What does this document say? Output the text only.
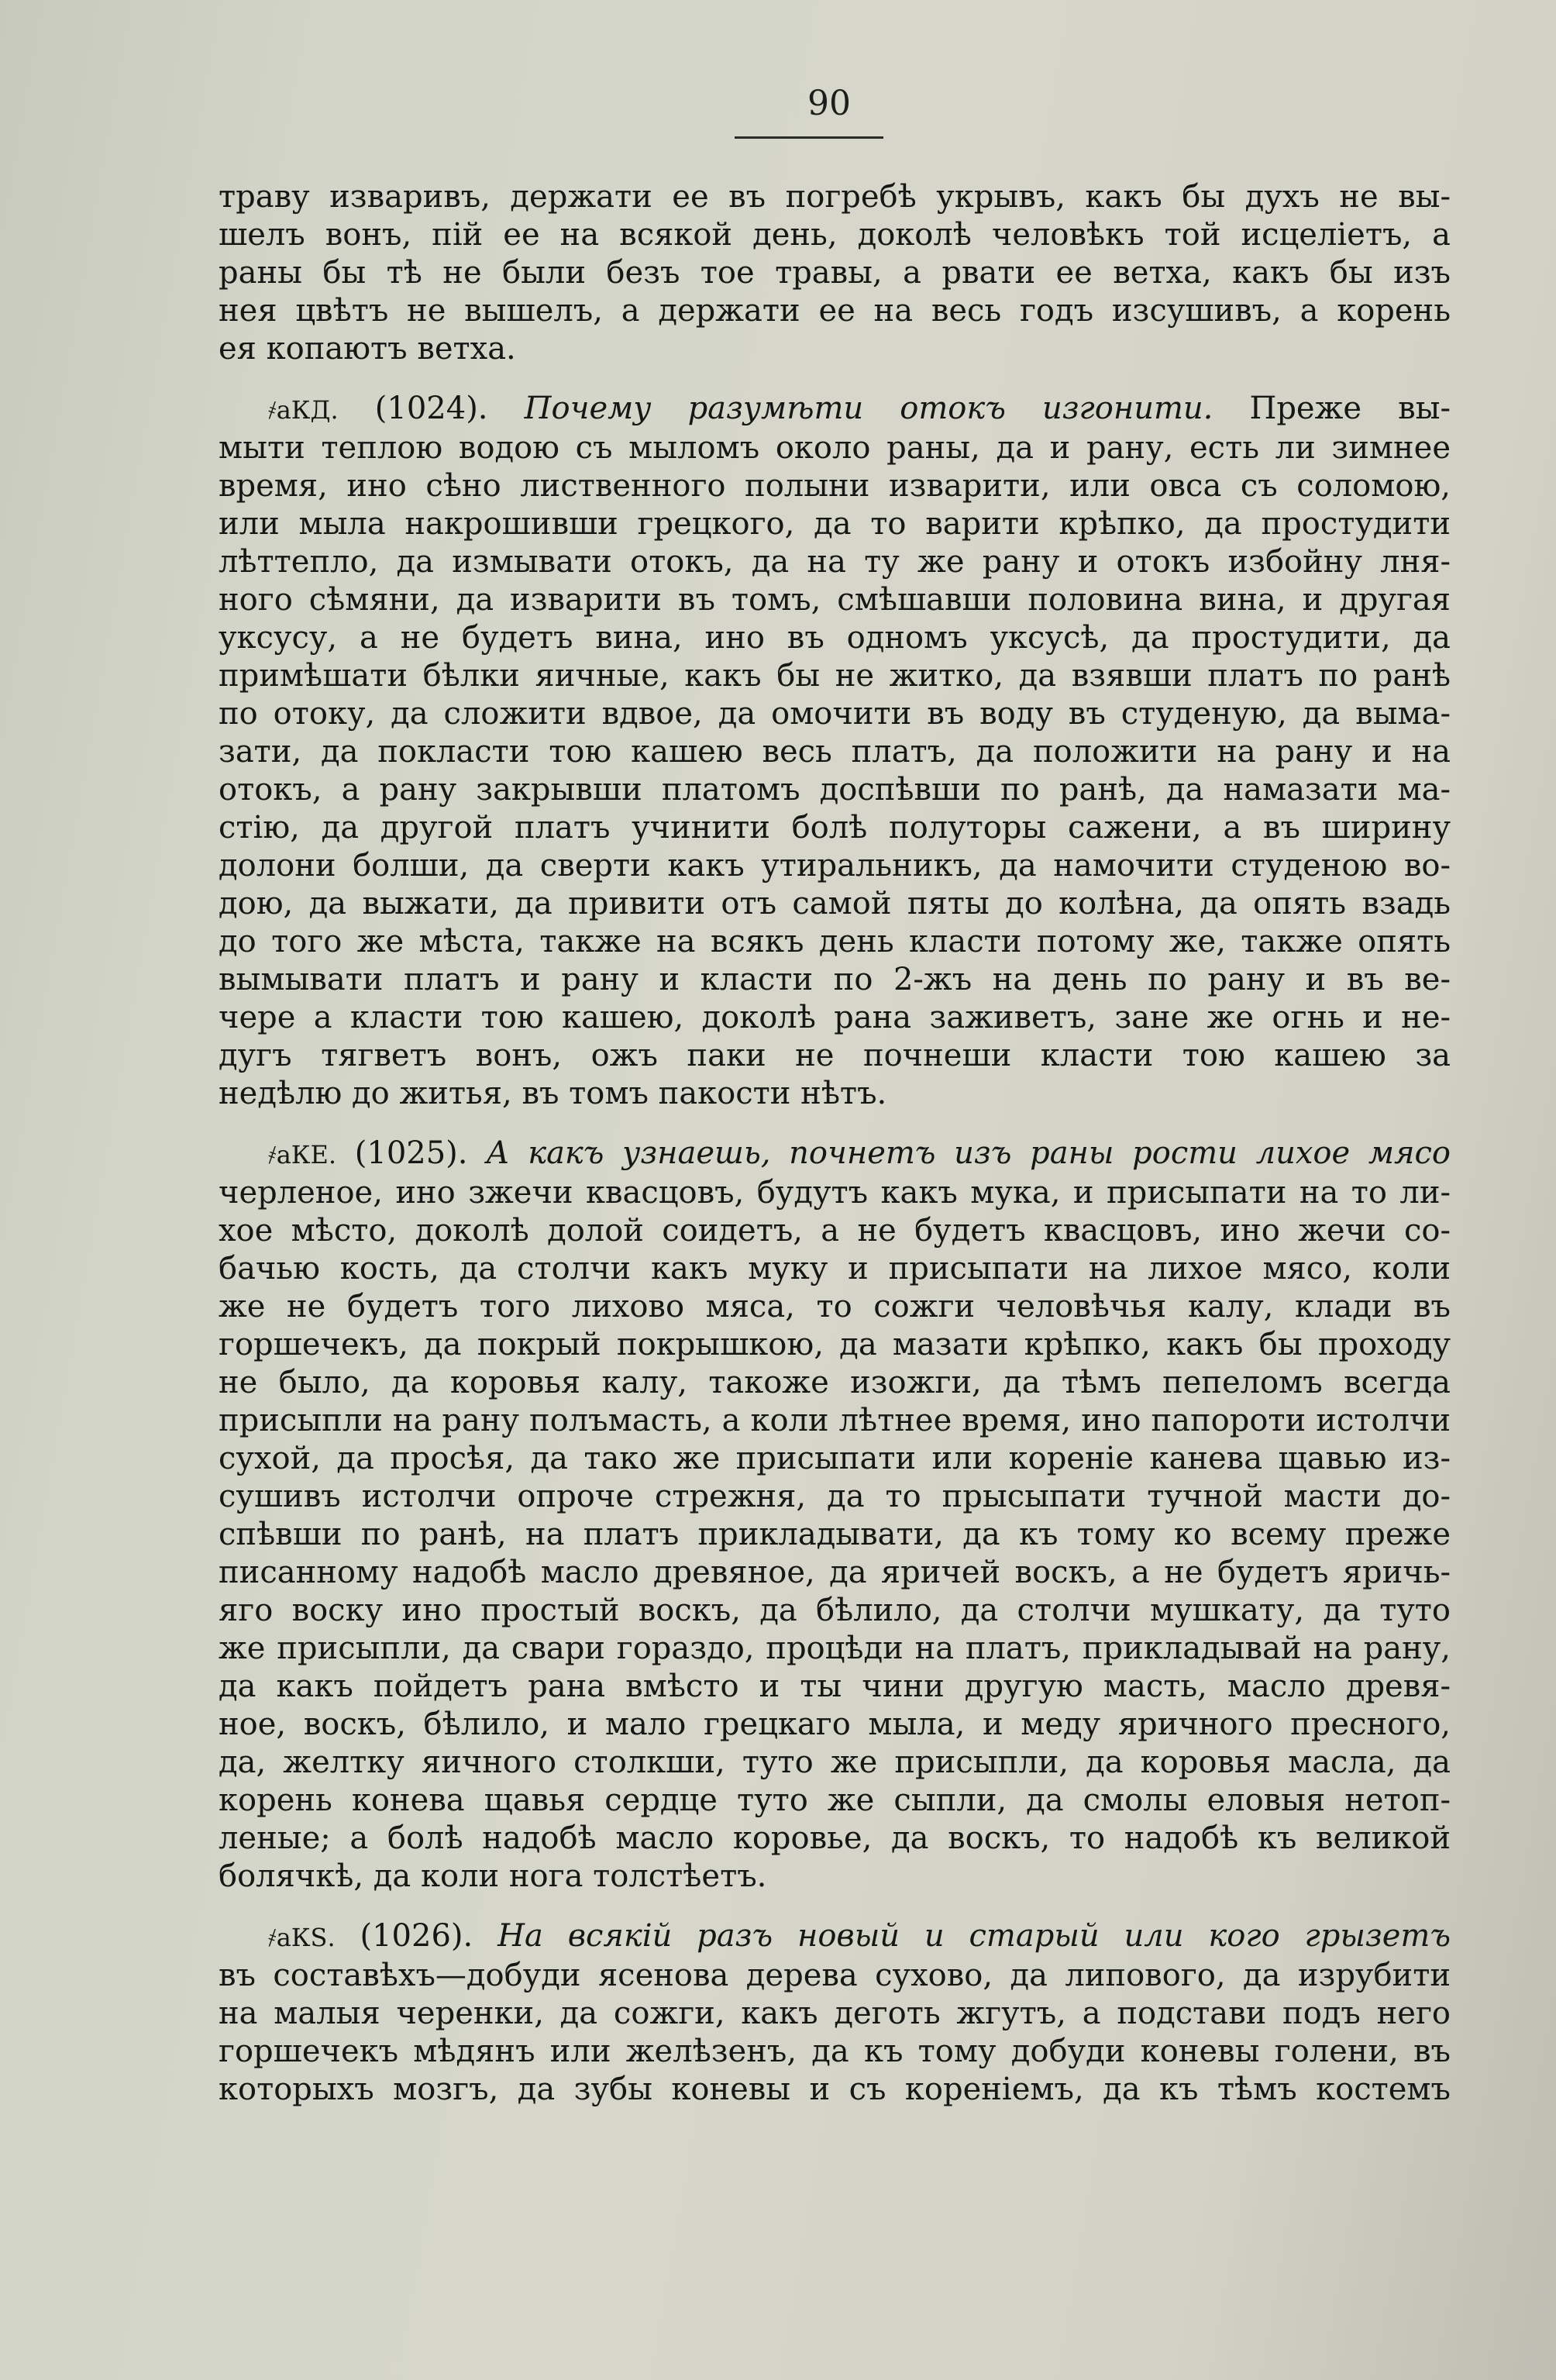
90
траву изваривъ, держати ее въ погребѣ укрывъ, какъ бы духъ не вы-
шелъ вонъ, пій ее на всякой день, доколѣ человѣкъ той исцеліетъ, а
раны бы тѣ не были безъ тое травы, а рвати ее ветха, какъ бы изъ
нея цвѣтъ не вышелъ, а держати ее на весь годъ изсушивъ, а корень
ея копаютъ ветха.
҂аКД. (1024). Почему разумѣти отокъ изгонити. Преже вы-
мыти теплою водою съ мыломъ около раны, да и рану, есть ли зимнее
время, ино сѣно лиственного полыни изварити, или овса съ соломою,
или мыла накрошивши грецкого, да то варити крѣпко, да простудити
лѣттепло, да измывати отокъ, да на ту же рану и отокъ избойну лня-
ного сѣмяни, да изварити въ томъ, смѣшавши половина вина, и другая
уксусу, а не будетъ вина, ино въ одномъ уксусѣ, да простудити, да
примѣшати бѣлки яичные, какъ бы не житко, да взявши платъ по ранѣ
по отоку, да сложити вдвое, да омочити въ воду въ студеную, да выма-
зати, да покласти тою кашею весь платъ, да положити на рану и на
отокъ, а рану закрывши платомъ доспѣвши по ранѣ, да намазати ма-
стію, да другой платъ учинити болѣ полуторы сажени, а въ ширину
долони болши, да сверти какъ утиральникъ, да намочити студеною во-
дою, да выжати, да привити отъ самой пяты до колѣна, да опять взадь
до того же мѣста, также на всякъ день класти потому же, также опять
вымывати платъ и рану и класти по 2-жъ на день по рану и въ ве-
чере а класти тою кашею, доколѣ рана заживетъ, зане же огнь и не-
дугъ тягветъ вонъ, ожъ паки не почнеши класти тою кашею за
недѣлю до житья, въ томъ пакости нѣтъ.
҂аКЕ. (1025). А какъ узнаешь, почнетъ изъ раны рости лихое мясо
черленое, ино зжечи квасцовъ, будутъ какъ мука, и присыпати на то ли-
хое мѣсто, доколѣ долой соидетъ, а не будетъ квасцовъ, ино жечи со-
бачью кость, да столчи какъ муку и присыпати на лихое мясо, коли
же не будетъ того лихово мяса, то сожги человѣчья калу, клади въ
горшечекъ, да покрый покрышкою, да мазати крѣпко, какъ бы проходу
не было, да коровья калу, такоже изожги, да тѣмъ пепеломъ всегда
присыпли на рану полъмасть, а коли лѣтнее время, ино папороти истолчи
сухой, да просѣя, да тако же присыпати или кореніе канева щавью из-
сушивъ истолчи опроче стрежня, да то прысыпати тучной масти до-
спѣвши по ранѣ, на платъ прикладывати, да къ тому ко всему преже
писанному надобѣ масло древяное, да яричей воскъ, а не будетъ яричь-
яго воску ино простый воскъ, да бѣлило, да столчи мушкату, да туто
же присыпли, да свари гораздо, процѣди на платъ, прикладывай на рану,
да какъ пойдетъ рана вмѣсто и ты чини другую масть, масло древя-
ное, воскъ, бѣлило, и мало грецкаго мыла, и меду яричного пресного,
да, желтку яичного столкши, туто же присыпли, да коровья масла, да
корень конева щавья сердце туто же сыпли, да смолы еловыя нетоп-
леные; а болѣ надобѣ масло коровье, да воскъ, то надобѣ къ великой
болячкѣ, да коли нога толстѣетъ.
҂аКЅ. (1026). На всякій разъ новый и старый или кого грызетъ
въ составѣхъ—добуди ясенова дерева сухово, да липового, да изрубити
на малыя черенки, да сожги, какъ деготь жгутъ, а подстави подъ него
горшечекъ мѣдянъ или желѣзенъ, да къ тому добуди коневы голени, въ
которыхъ мозгъ, да зубы коневы и съ кореніемъ, да къ тѣмъ костемъ
